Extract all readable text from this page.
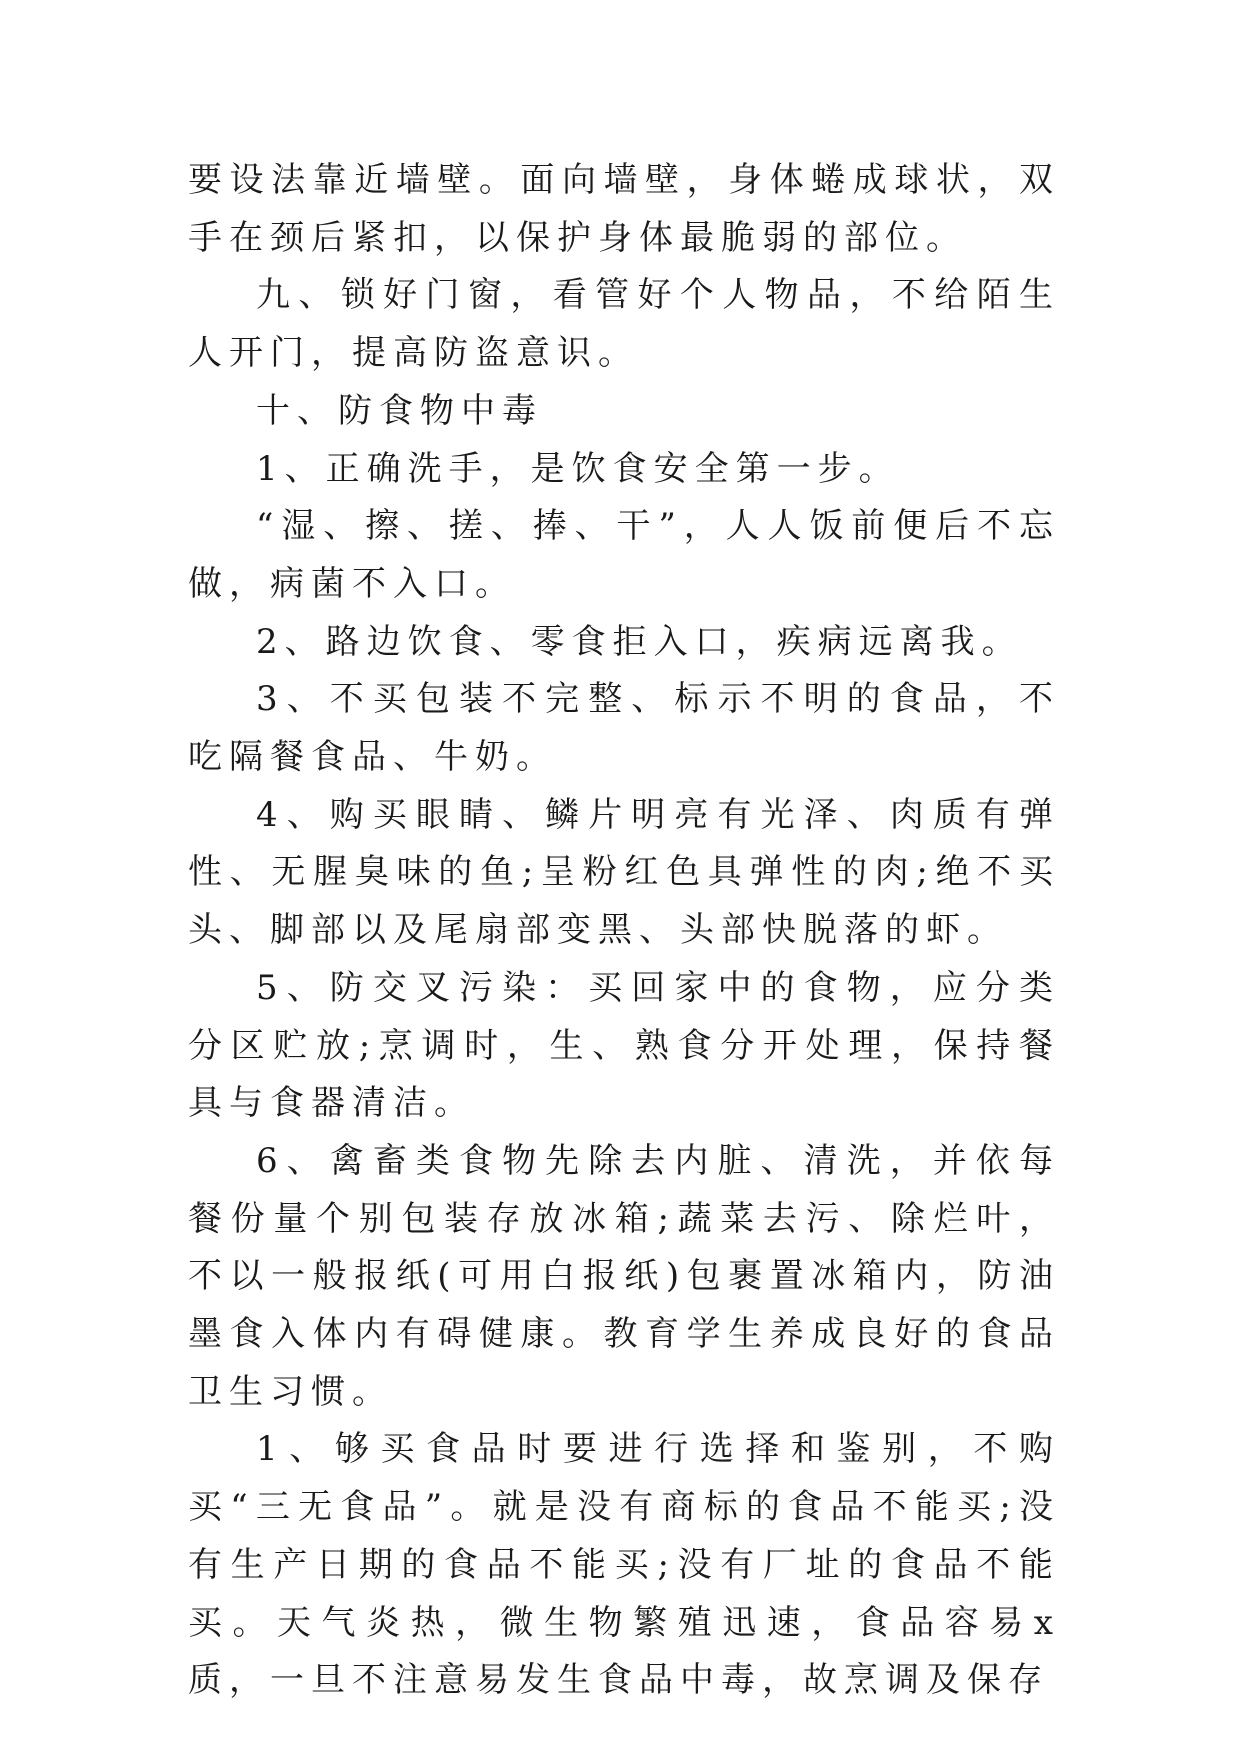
要设法靠近墙壁。面向墙壁，身体蜷成球状，双手在颈后紧扣，以保护身体最脆弱的部位。

九、锁好门窗，看管好个人物品，不给陌生人开门，提高防盗意识。

十、防食物中毒

1、正确洗手，是饮食安全第一步。

“湿、擦、搓、捧、干”，人人饭前便后不忘做，病菌不入口。

2、路边饮食、零食拒入口，疾病远离我。

3、不买包装不完整、标示不明的食品，不吃隔餐食品、牛奶。

4、购买眼睛、鳞片明亮有光泽、肉质有弹性、无腥臭味的鱼;呈粉红色具弹性的肉;绝不买头、脚部以及尾扇部变黑、头部快脱落的虾。

5、防交叉污染：买回家中的食物，应分类分区贮放;烹调时，生、熟食分开处理，保持餐具与食器清洁。

6、禽畜类食物先除去内脏、清洗，并依每餐份量个别包装存放冰箱;蔬菜去污、除烂叶，不以一般报纸(可用白报纸)包裹置冰箱内，防油墨食入体内有碍健康。教育学生养成良好的食品卫生习惯。

1、够买食品时要进行选择和鉴别，不购买“三无食品”。就是没有商标的食品不能买;没有生产日期的食品不能买;没有厂址的食品不能买。天气炎热，微生物繁殖迅速，食品容易x质，一旦不注意易发生食品中毒，故烹调及保存
